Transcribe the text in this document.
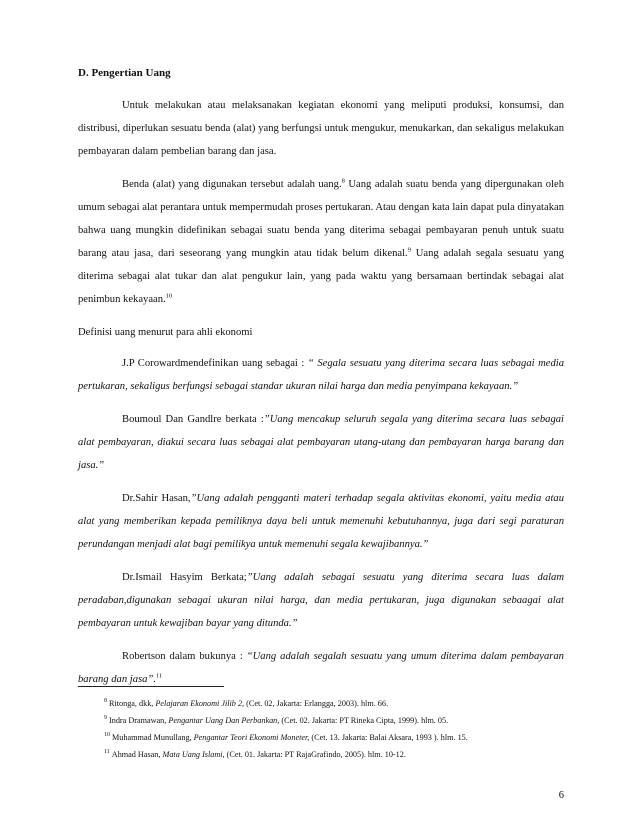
D. Pengertian Uang

Untuk melakukan atau melaksanakan kegiatan ekonomi yang meliputi produksi, konsumsi, dan distribusi, diperlukan sesuatu benda (alat) yang berfungsi untuk mengukur, menukarkan, dan sekaligus melakukan pembayaran dalam pembelian barang dan jasa.

Benda (alat) yang digunakan tersebut adalah uang.$^8$ Uang adalah suatu benda yang dipergunakan oleh umum sebagai alat perantara untuk mempermudah proses pertukaran. Atau dengan kata lain dapat pula dinyatakan bahwa uang mungkin didefinikan sebagai suatu benda yang diterima sebagai pembayaran penuh untuk suatu barang atau jasa, dari seseorang yang mungkin atau tidak belum dikenal.$^9$ Uang adalah segala sesuatu yang diterima sebagai alat tukar dan alat pengukur lain, yang pada waktu yang bersamaan bertindak sebagai alat penimbun kekayaan.$^{10}$

Definisi uang menurut para ahli ekonomi

J.P Corowardmendefinikan uang sebagai : “ Segala sesuatu yang diterima secara luas sebagai media pertukaran, sekaligus berfungsi sebagai standar ukuran nilai harga dan media penyimpana kekayaan.”

Boumoul Dan Gandlre berkata :”Uang mencakup seluruh segala yang diterima secara luas sebagai alat pembayaran, diakui secara luas sebagai alat pembayaran utang-utang dan pembayaran harga barang dan jasa.”

Dr.Sahir Hasan,”Uang adalah pengganti materi terhadap segala aktivitas ekonomi, yaitu media atau alat yang memberikan kepada pemiliknya daya beli untuk memenuhi kebutuhannya, juga dari segi paraturan perundangan menjadi alat bagi pemilikya untuk memenuhi segala kewajibannya.”

Dr.Ismail Hasyim Berkata;”Uang adalah sebagai sesuatu yang diterima secara luas dalam peradaban,digunakan sebagai ukuran nilai harga, dan media pertukaran, juga digunakan sebaagai alat pembayaran untuk kewajiban bayar yang ditunda.”

Robertson dalam bukunya : “Uang adalah segalah sesuatu yang umum diterima dalam pembayaran barang dan jasa”.$^{11}$

$^8$ Ritonga, dkk, Pelajaran Ekonomi Jilib 2, (Cet. 02, Jakarta: Erlangga, 2003). hlm. 66.
$^9$ Indra Dramawan, Pengantar Uang Dan Perbankan, (Cet. 02. Jakarta: PT Rineka Cipta, 1999). hlm. 05.
$^{10}$ Muhammad Munullang, Pengantar Teori Ekonomi Moneter, (Cet. 13. Jakarta: Balai Aksara, 1993 ). hlm. 15.
$^{11}$ Ahmad Hasan, Mata Uang Islami, (Cet. 01. Jakarta: PT RajaGrafindo, 2005). hlm. 10-12.
6
